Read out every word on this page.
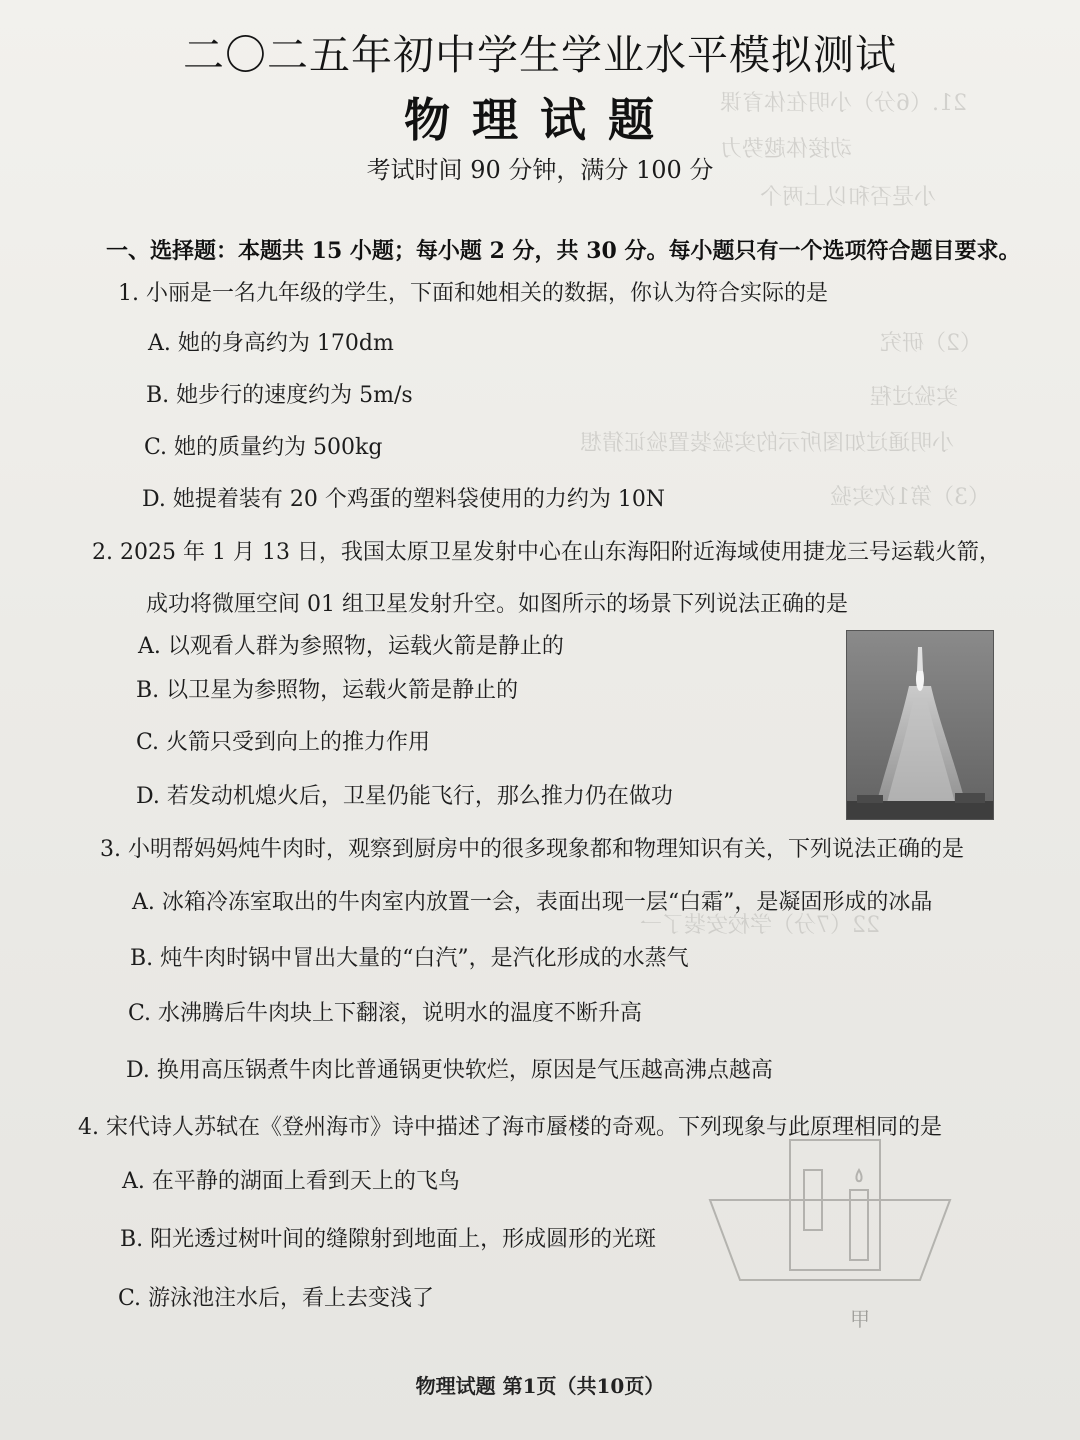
21.（6分）小明在体育课
动接体越势力
小是否和以上两个
（2）研究
实验过程
小明通过如图所示的实验装置验证猜想
（3）第1次实验
22（7分）学校安装了一
二〇二五年初中学生学业水平模拟测试
物理试题
考试时间 90 分钟，满分 100 分
一、选择题：本题共 15 小题；每小题 2 分，共 30 分。每小题只有一个选项符合题目要求。
1. 小丽是一名九年级的学生，下面和她相关的数据，你认为符合实际的是
A. 她的身高约为 170dm
B. 她步行的速度约为 5m/s
C. 她的质量约为 500kg
D. 她提着装有 20 个鸡蛋的塑料袋使用的力约为 10N
2. 2025 年 1 月 13 日，我国太原卫星发射中心在山东海阳附近海域使用捷龙三号运载火箭，
成功将微厘空间 01 组卫星发射升空。如图所示的场景下列说法正确的是
A. 以观看人群为参照物，运载火箭是静止的
B. 以卫星为参照物，运载火箭是静止的
C. 火箭只受到向上的推力作用
D. 若发动机熄火后，卫星仍能飞行，那么推力仍在做功
3. 小明帮妈妈炖牛肉时，观察到厨房中的很多现象都和物理知识有关，下列说法正确的是
A. 冰箱冷冻室取出的牛肉室内放置一会，表面出现一层“白霜”，是凝固形成的冰晶
B. 炖牛肉时锅中冒出大量的“白汽”，是汽化形成的水蒸气
C. 水沸腾后牛肉块上下翻滚，说明水的温度不断升高
D. 换用高压锅煮牛肉比普通锅更快软烂，原因是气压越高沸点越高
4. 宋代诗人苏轼在《登州海市》诗中描述了海市蜃楼的奇观。下列现象与此原理相同的是
A. 在平静的湖面上看到天上的飞鸟
B. 阳光透过树叶间的缝隙射到地面上，形成圆形的光斑
C. 游泳池注水后，看上去变浅了
甲
物理试题 第1页（共10页）
